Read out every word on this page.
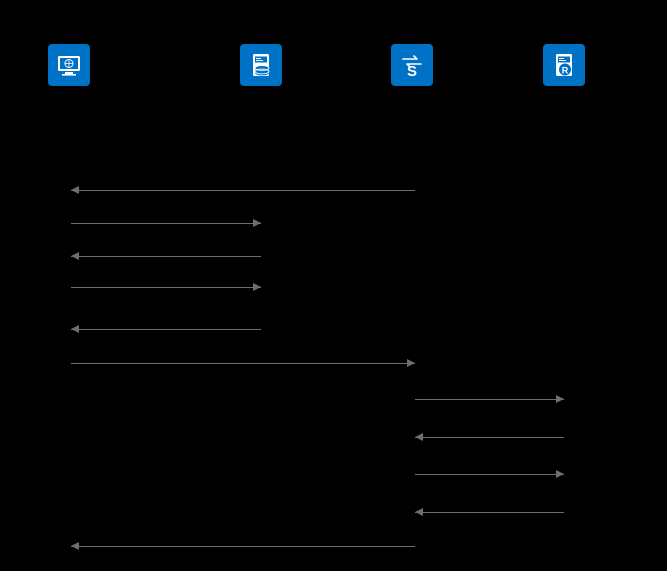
S	R
